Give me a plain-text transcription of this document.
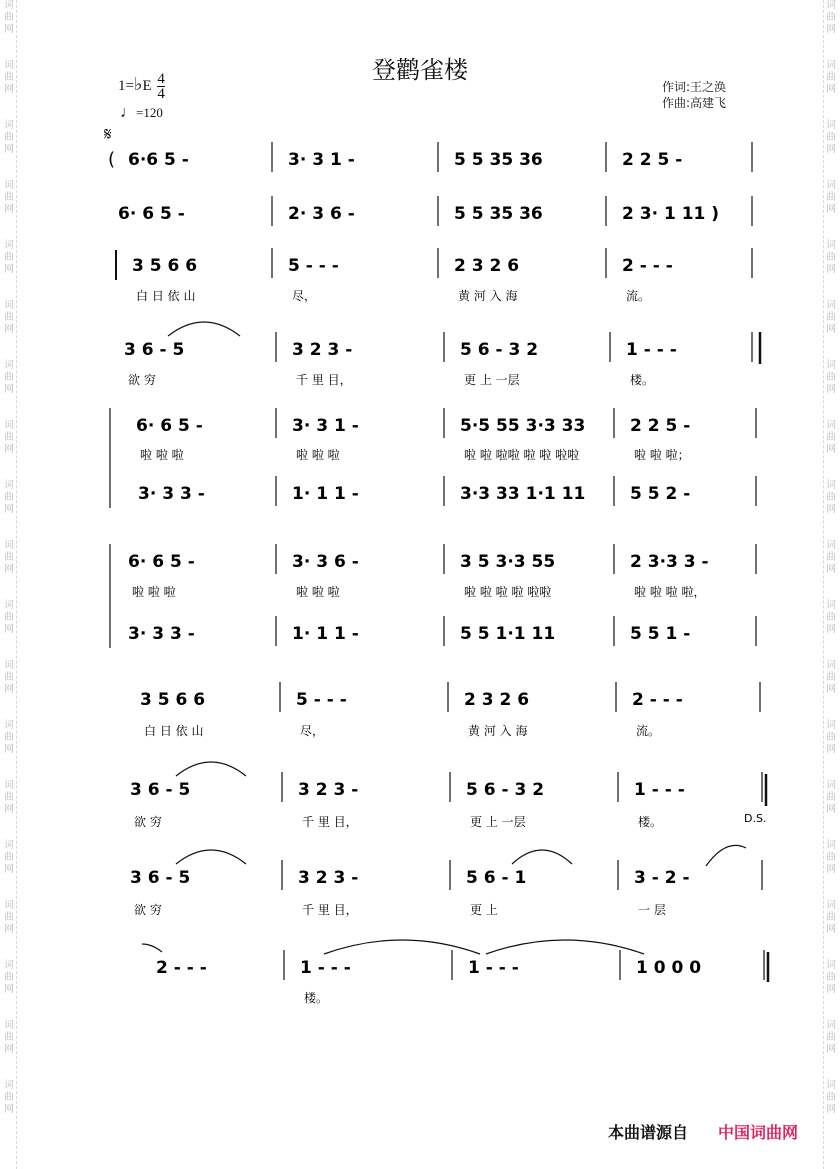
词
曲
网
词
曲
网
词
曲
网
词
曲
网
词
曲
网
词
曲
网
词
曲
网
词
曲
网
词
曲
网
词
曲
网
词
曲
网
词
曲
网
词
曲
网
词
曲
网
词
曲
网
词
曲
网
词
曲
网
词
曲
网
词
曲
网
词
曲
网
词
曲
网
词
曲
网
词
曲
网
词
曲
网
词
曲
网
词
曲
网
词
曲
网
词
曲
网
词
曲
网
词
曲
网
词
曲
网
词
曲
网
词
曲
网
词
曲
网
词
曲
网
词
曲
网
词
曲
网
词
曲
网
登鹳雀楼
1=♭E $\frac{4}{4}$
♩=120
作词:王之涣
作曲:高建飞
𝄋
6·6 5 -	3· 3 1 -	5 5 35 36	2 2 5 -
6· 6 5 -	2· 3 6 -	5 5 35 36	2 3· 1 11 )
3 5 6 6	5 - - -	2 3 2 6	2 - - -
白 日 依 山	尽，	黄 河 入 海	流。
3 6 - 5	3 2 3 -	5 6 - 3 2	1 - - -
欲 穷	千 里 目，	更 上 一层	楼。
6· 6 5 -	3· 3 1 -	5·5 55 3·3 33	2 2 5 -
啦 啦 啦	啦 啦 啦	啦 啦 啦啦 啦 啦 啦啦	啦 啦 啦；
3· 3 3 -	1· 1 1 -	3·3 33 1·1 11	5 5 2 -
6· 6 5 -	3· 3 6 -	3 5 3·3 55	2 3·3 3 -
啦 啦 啦	啦 啦 啦	啦 啦 啦 啦 啦啦	啦 啦 啦 啦，
3· 3 3 -	1· 1 1 -	5 5 1·1 11	5 5 1 -
3 5 6 6	5 - - -	2 3 2 6	2 - - -
白 日 依 山	尽，	黄 河 入 海	流。
3 6 - 5	3 2 3 -	5 6 - 3 2	1 - - -
欲 穷	千 里 目，	更 上 一层	楼。
3 6 - 5	3 2 3 -	5 6 - 1	3 - 2 -
欲 穷	千 里 目，	更 上	一 层
2 - - -	1 - - -	1 - - -	1 0 0 0
楼。
(
D.S.
本曲谱源自 中国词曲网
